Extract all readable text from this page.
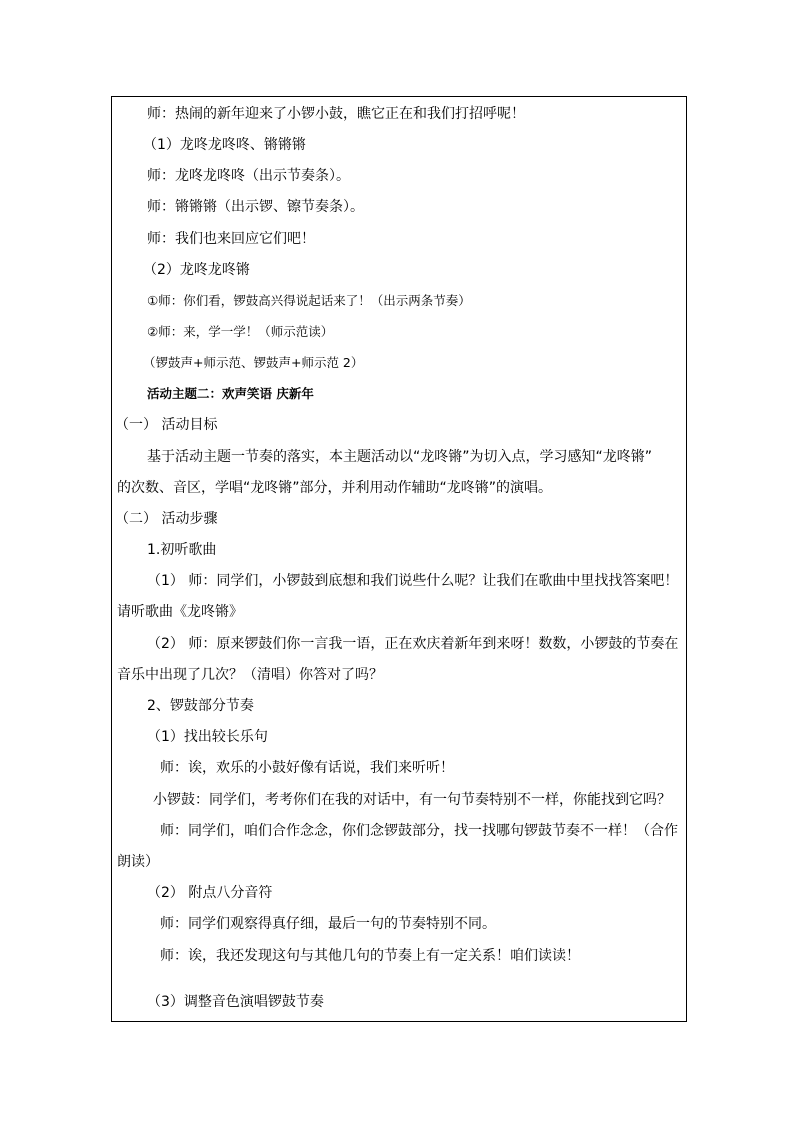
师：热闹的新年迎来了小锣小鼓，瞧它正在和我们打招呼呢！
（1）龙咚龙咚咚、锵锵锵
师：龙咚龙咚咚（出示节奏条）。
师：锵锵锵（出示锣、镲节奏条）。
师：我们也来回应它们吧！
（2）龙咚龙咚锵
①师：你们看，锣鼓高兴得说起话来了！（出示两条节奏）
②师：来，学一学！（师示范读）
（锣鼓声+师示范、锣鼓声+师示范 2）
活动主题二：欢声笑语 庆新年
（一） 活动目标
基于活动主题一节奏的落实，本主题活动以“龙咚锵”为切入点，学习感知“龙咚锵”
的次数、音区，学唱“龙咚锵”部分，并利用动作辅助“龙咚锵”的演唱。
（二） 活动步骤
1.初听歌曲
（1） 师：同学们，小锣鼓到底想和我们说些什么呢？让我们在歌曲中里找找答案吧！
请听歌曲《龙咚锵》
（2） 师：原来锣鼓们你一言我一语，正在欢庆着新年到来呀！数数，小锣鼓的节奏在
音乐中出现了几次？（清唱）你答对了吗？
2、锣鼓部分节奏
（1）找出较长乐句
师：诶，欢乐的小鼓好像有话说，我们来听听！
小锣鼓：同学们，考考你们在我的对话中，有一句节奏特别不一样，你能找到它吗？
师：同学们，咱们合作念念，你们念锣鼓部分，找一找哪句锣鼓节奏不一样！（合作
朗读）
（2） 附点八分音符
师：同学们观察得真仔细，最后一句的节奏特别不同。
师：诶，我还发现这句与其他几句的节奏上有一定关系！咱们读读！
（3）调整音色演唱锣鼓节奏
